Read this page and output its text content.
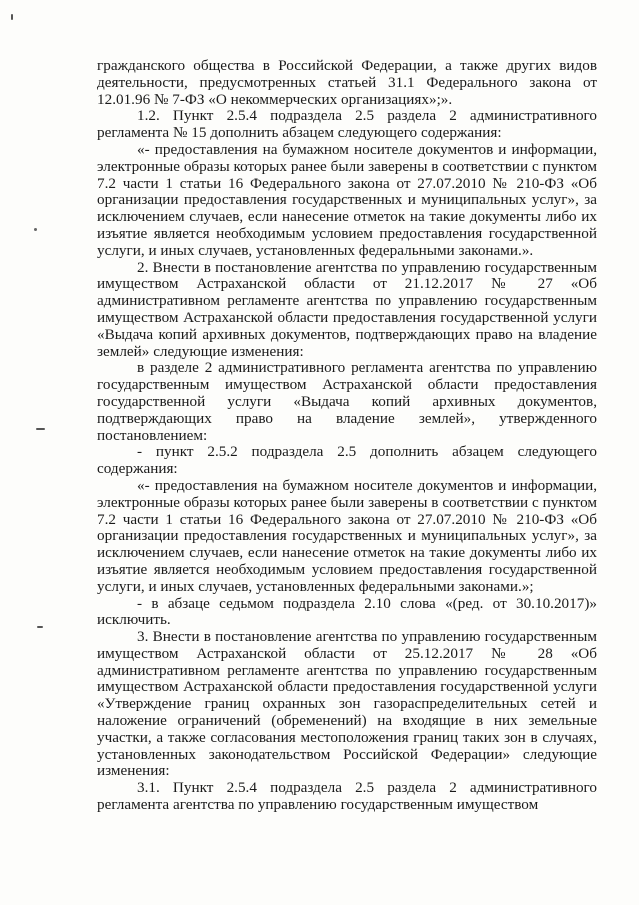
гражданского общества в Российской Федерации, а также других видов деятельности, предусмотренных статьей 31.1 Федерального закона от 12.01.96 № 7-ФЗ «О некоммерческих организациях»;».

1.2. Пункт 2.5.4 подраздела 2.5 раздела 2 административного регламента № 15 дополнить абзацем следующего содержания:

«- предоставления на бумажном носителе документов и информации, электронные образы которых ранее были заверены в соответствии с пунктом 7.2 части 1 статьи 16 Федерального закона от 27.07.2010 № 210-ФЗ «Об организации предоставления государственных и муниципальных услуг», за исключением случаев, если нанесение отметок на такие документы либо их изъятие является необходимым условием предоставления государственной услуги, и иных случаев, установленных федеральными законами.».

2. Внести в постановление агентства по управлению государственным имуществом Астраханской области от 21.12.2017 № 27 «Об административном регламенте агентства по управлению государственным имуществом Астраханской области предоставления государственной услуги «Выдача копий архивных документов, подтверждающих право на владение землей» следующие изменения:

в разделе 2 административного регламента агентства по управлению государственным имуществом Астраханской области предоставления государственной услуги «Выдача копий архивных документов, подтверждающих право на владение землей», утвержденного постановлением:

- пункт 2.5.2 подраздела 2.5 дополнить абзацем следующего содержания:

«- предоставления на бумажном носителе документов и информации, электронные образы которых ранее были заверены в соответствии с пунктом 7.2 части 1 статьи 16 Федерального закона от 27.07.2010 № 210-ФЗ «Об организации предоставления государственных и муниципальных услуг», за исключением случаев, если нанесение отметок на такие документы либо их изъятие является необходимым условием предоставления государственной услуги, и иных случаев, установленных федеральными законами.»;

- в абзаце седьмом подраздела 2.10 слова «(ред. от 30.10.2017)» исключить.

3. Внести в постановление агентства по управлению государственным имуществом Астраханской области от 25.12.2017 № 28 «Об административном регламенте агентства по управлению государственным имуществом Астраханской области предоставления государственной услуги «Утверждение границ охранных зон газораспределительных сетей и наложение ограничений (обременений) на входящие в них земельные участки, а также согласования местоположения границ таких зон в случаях, установленных законодательством Российской Федерации» следующие изменения:

3.1. Пункт 2.5.4 подраздела 2.5 раздела 2 административного регламента агентства по управлению государственным имуществом
